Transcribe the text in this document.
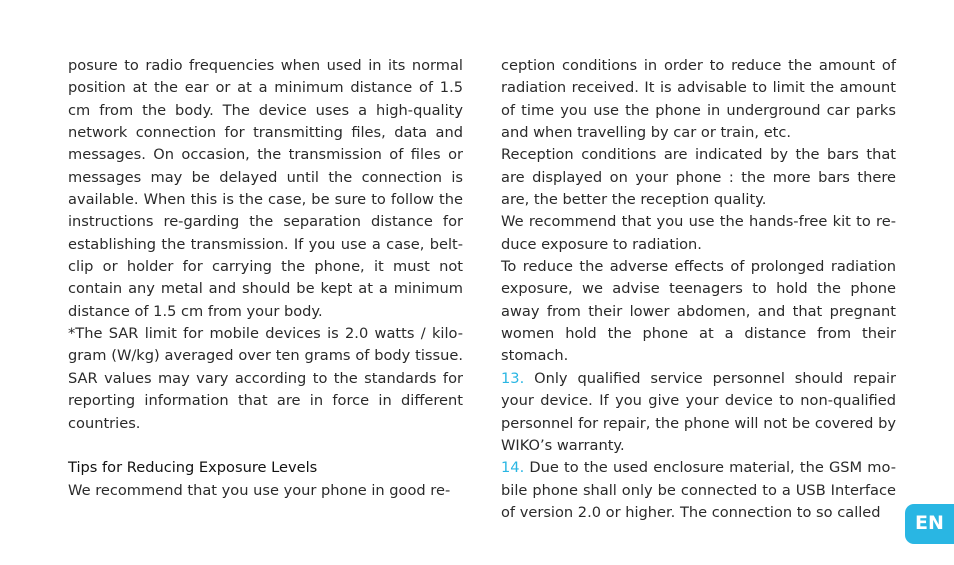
posure to radio frequencies when used in its normal position at the ear or at a minimum distance of 1.5 cm from the body. The device uses a high-quality network connection for transmitting files, data and messages. On occasion, the transmission of files or messages may be delayed until the connection is available. When this is the case, be sure to follow the instructions re-garding the separation distance for establishing the transmission. If you use a case, belt-clip or holder for carrying the phone, it must not contain any metal and should be kept at a minimum distance of 1.5 cm from your body.

*The SAR limit for mobile devices is 2.0 watts / kilo-gram (W/kg) averaged over ten grams of body tissue. SAR values may vary according to the standards for reporting information that are in force in different countries.

Tips for Reducing Exposure Levels

We recommend that you use your phone in good re-

ception conditions in order to reduce the amount of radiation received. It is advisable to limit the amount of time you use the phone in underground car parks and when travelling by car or train, etc.

Reception conditions are indicated by the bars that are displayed on your phone : the more bars there are, the better the reception quality.

We recommend that you use the hands-free kit to re-duce exposure to radiation.

To reduce the adverse effects of prolonged radiation exposure, we advise teenagers to hold the phone away from their lower abdomen, and that pregnant women hold the phone at a distance from their stomach.

13. Only qualified service personnel should repair your device. If you give your device to non-qualified personnel for repair, the phone will not be covered by WIKO’s warranty.

14. Due to the used enclosure material, the GSM mo-bile phone shall only be connected to a USB Interface of version 2.0 or higher. The connection to so called	EN
